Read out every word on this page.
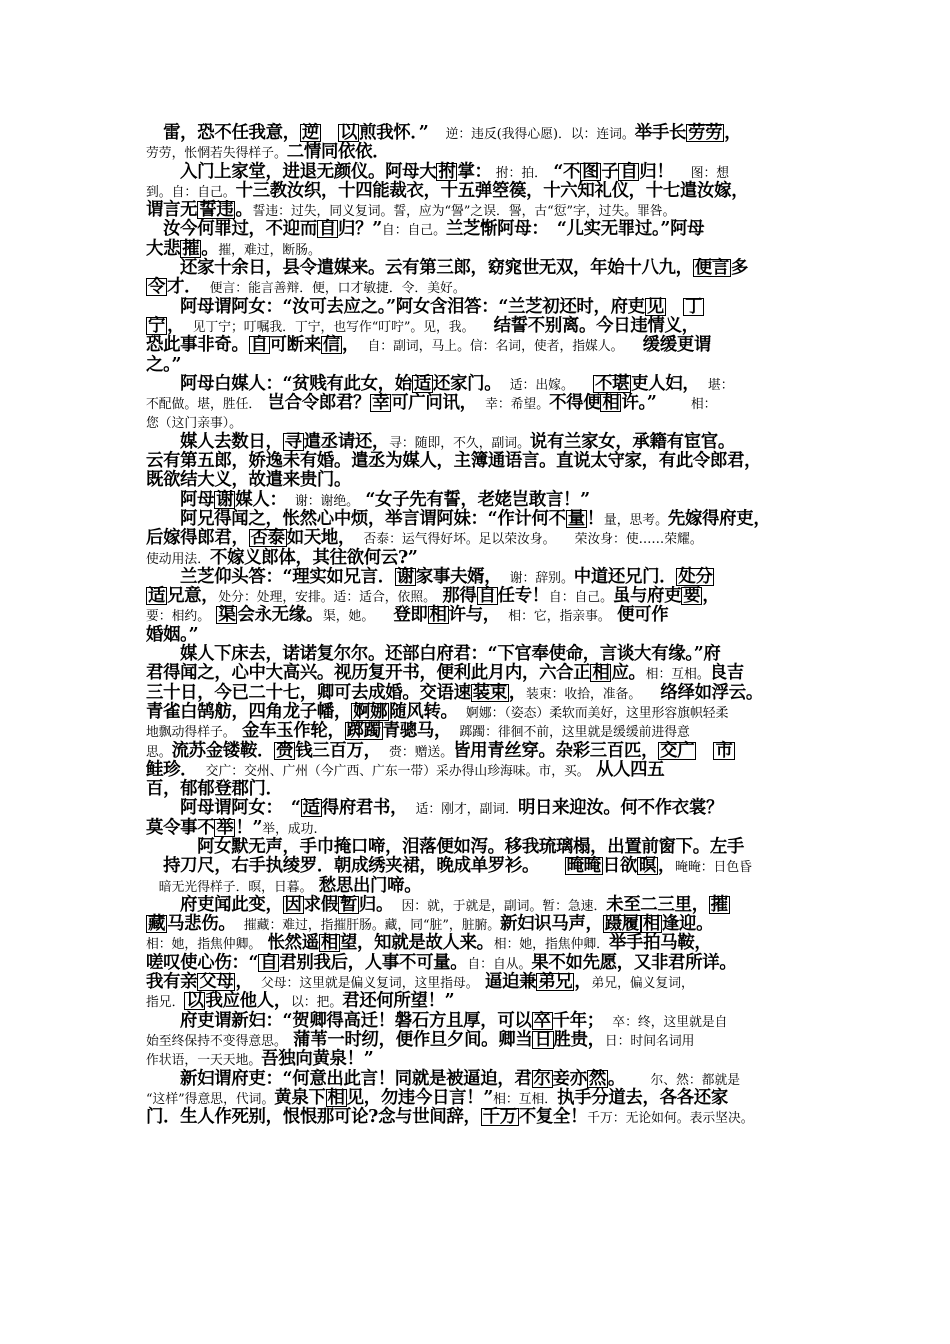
　雷，恐不任我意， 逆　 以 煎我怀．”　逆：违反(我得心愿)．以：连词。举手长 劳劳 ，
劳劳，怅惘若失得样子。二情同依依．
入门上家堂，进退无颜仪。阿母大 拊 掌：　拊：拍．　“不 图 子 自 归！　图：想
到。自：自己。十三教汝织，十四能裁衣，十五弹箜篌，十六知礼仪，十七遣汝嫁，
谓言无 誓违 。誓违：过失，同义复词。誓，应为“諐”之误．諐，古“愆”字，过失。罪咎。
　汝今何罪过，不迎而 自 归？”自：自己。兰芝惭阿母：　“儿实无罪过。”阿母
大悲 摧 。摧，难过，断肠。
还家十余日，县令遣媒来。云有第三郎，窈窕世无双，年始十八九， 便言 多
令 才．　便言：能言善辩．便，口才敏捷．令．美好。
阿母谓阿女：“汝可去应之。”阿女含泪答：“兰芝初还时，府吏 见　 丁
宁 ，　见丁宁；叮嘱我．丁宁，也写作“叮咛”。见，我。　　结誓不别离。今日违情义，
恐此事非奇。 自 可断来 信 ，　自：副词，马上。信：名词，使者，指媒人。　　缓缓更谓
之。”
阿母白媒人：“贫贱有此女，始 适 还家门。　适：出嫁。　　不堪 吏人妇，　堪：
不配做。堪，胜任．　岂合令郎君？ 幸 可广问讯，　幸：希望。不得便 相 许。”　　相：
您（这门亲事）。
媒人去数日， 寻 遣丞请还，寻：随即，不久，副词。说有兰家女，承籍有宦官。
云有第五郎，娇逸未有婚。遣丞为媒人，主簿通语言。直说太守家，有此令郎君，
既欲结大义，故遣来贵门。
阿母 谢 媒人：　谢：谢绝。　“女子先有誓，老姥岂敢言！”
阿兄得闻之，怅然心中烦，举言谓阿妹：“作计何不 量 ！量，思考。先嫁得府吏，
后嫁得郎君， 否泰 如天地，　否泰：运气得好坏。足以荣汝身。　　荣汝身：使……荣耀。
使动用法．不嫁义郎体，其往欲何云?”
兰芝仰头答：“理实如兄言． 谢 家事夫婿，　谢：辞别。中道还兄门． 处分
适 兄意，处分：处理，安排。适：适合，依照。　那得 自 任专！自：自己。虽与府吏 要 ，
要：相约。　渠 会永无缘。渠，她。　　登即 相 许与，　相：它，指亲事。　便可作
婚姻。”
媒人下床去，诺诺复尔尔。还部白府君：“下官奉使命，言谈大有缘。”府
君得闻之，心中大高兴。视历复开书，便利此月内，六合正 相 应。相：互相。良吉
三十日，今已二十七，卿可去成婚。交语速 装束 ，装束：收拾，准备。　　络绎如浮云。
青雀白鹄舫，四角龙子幡， 婀娜 随风转。　婀娜：（姿态）柔软而美好，这里形容旗帜轻柔
地飘动得样子。　金车玉作轮， 踯躅 青骢马，　踯躅：徘徊不前，这里就是缓缓前进得意
思。流苏金镂鞍． 赍 钱三百万，　赍：赠送。皆用青丝穿。杂彩三百匹， 交广　 市
鲑珍．　交广：交州、广州（今广西、广东一带）采办得山珍海味。市，买。　从人四五
百，郁郁登郡门．
阿母谓阿女：　“ 适 得府君书，　适：刚才，副词．明日来迎汝。何不作衣裳？
莫令事不 举 ！”举，成功.
　阿女默无声，手巾掩口啼，泪落便如泻。移我琉璃榻，出置前窗下。左手
　持刀尺，右手执绫罗．朝成绣夹裙，晚成单罗衫。　　晻晻 日欲 暝 ，晻晻：日色昏
　暗无光得样子．暝，日暮。　愁思出门啼。
府吏闻此变， 因 求假 暂 归。　因：就，于就是，副词。暂：急速．未至二三里， 摧
藏 马悲伤。　摧藏：难过，指摧肝肠。藏，同“脏”，脏腑。新妇识马声， 蹑履 相 逢迎。
相：她，指焦仲卿。　怅然遥 相 望，知就是故人来。相：她，指焦仲卿．举手拍马鞍，
嗟叹使心伤：“ 自 君别我后，人事不可量。自：自从。果不如先愿，又非君所详。
我有亲 父母 ，　父母：这里就是偏义复词，这里指母。　逼迫兼 弟兄 ，弟兄，偏义复词，
指兄． 以 我应他人，以：把。君还何所望！”
府吏谓新妇：“贺卿得高迁！磐石方且厚，可以 卒 千年；　卒：终，这里就是自
始至终保持不变得意思。　蒲苇一时纫，便作旦夕间。卿当 日 胜贵，日：时间名词用
作状语，一天天地。吾独向黄泉！”
新妇谓府吏：“何意出此言！同就是被逼迫，君 尔 妾亦 然 。　　尔、然：都就是
“这样”得意思，代词。黄泉下 相 见，勿违今日言！”相：互相．执手分道去，各各还家
门．生人作死别，恨恨那可论?念与世间辞， 千万 不复全！千万：无论如何。表示坚决。
